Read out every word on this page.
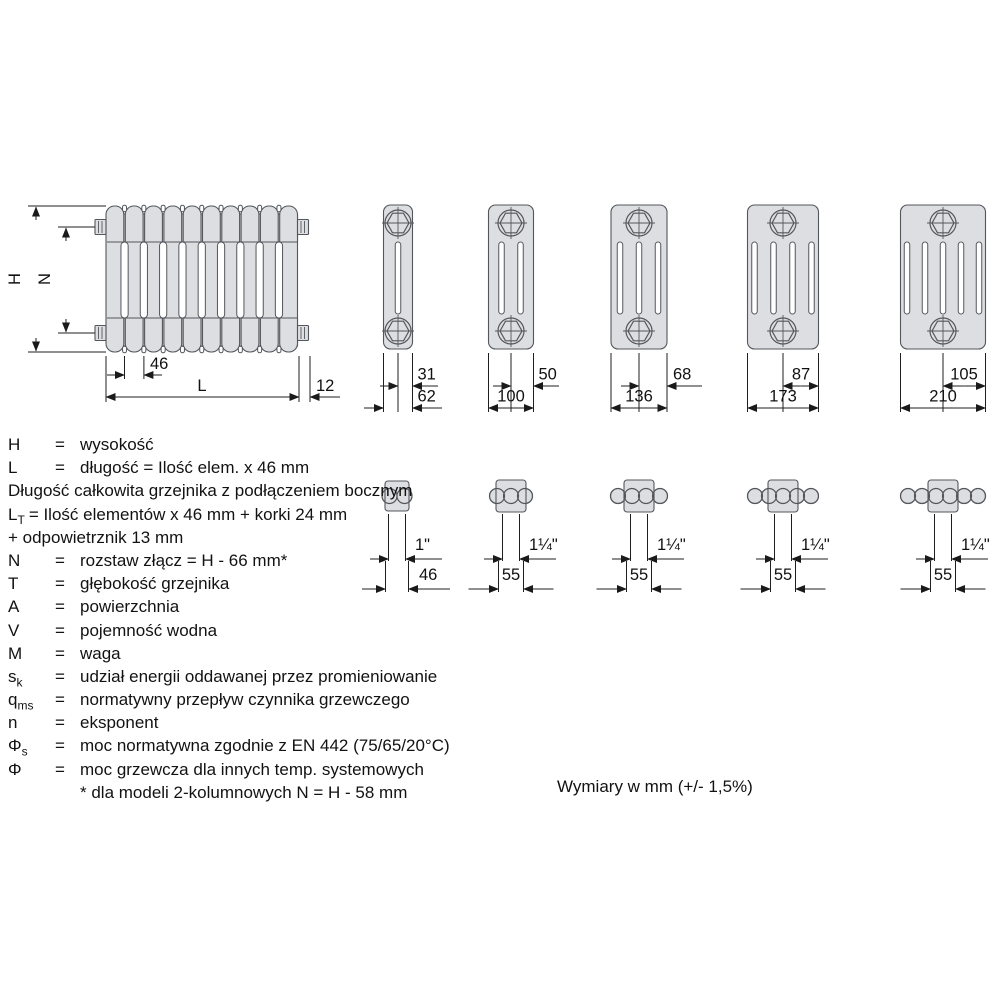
H N
46
L	12
31
62
50
100
68
136
87
173
105
210
1"
46
1¼"
55
1¼"
55
1¼"
55
1¼"
55
H	= wysokość
L	= długość = Ilość elem. x 46 mm
Długość całkowita grzejnika z podłączeniem bocznym
$L_T$ = Ilość elementów x 46 mm + korki 24 mm
+ odpowietrznik 13 mm
N	= rozstaw złącz = H - 66 mm*
T	= głębokość grzejnika
A	= powierzchnia
V	= pojemność wodna
M	= waga
$s_k$	= udział energii oddawanej przez promieniowanie
$q_{ms}$	= normatywny przepływ czynnika grzewczego
n	= eksponent
$\Phi_s$	= moc normatywna zgodnie z EN 442 (75/65/20°C)
Φ	= moc grzewcza dla innych temp. systemowych
* dla modeli 2-kolumnowych N = H - 58 mm	Wymiary w mm (+/- 1,5%)
